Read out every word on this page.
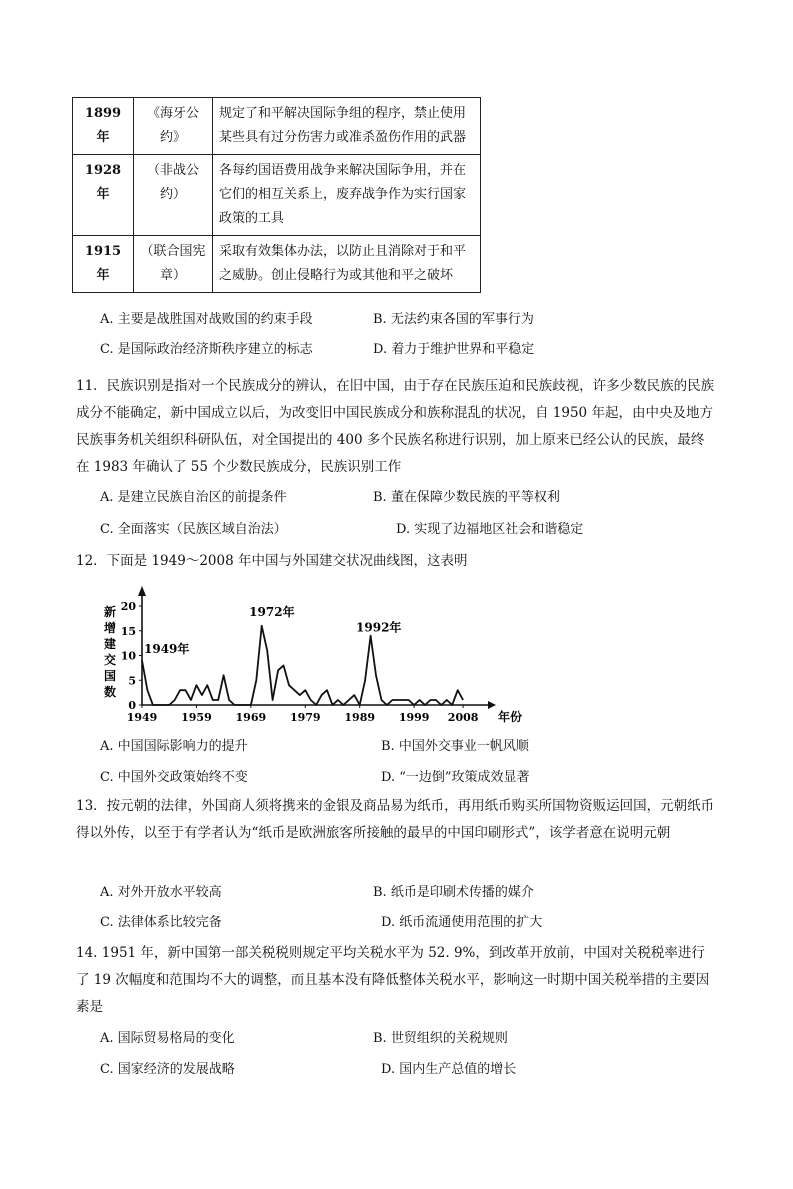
1899年	《海牙公约》	规定了和平解决国际争组的程序，禁止使用某些具有过分伤害力或准杀盈伤作用的武器
1928年	（非战公约）	各每约国语费用战争来解决国际争用，并在它们的相互关系上，废弃战争作为实行国家政策的工具
1915年	（联合国宪章）	采取有效集体办法，以防止且消除对于和平之威胁。创止侵略行为或其他和平之破坏
A. 主要是战胜国对战败国的约束手段	B. 无法约束各国的军事行为
C. 是国际政治经济斯秩序建立的标志	D. 着力于维护世界和平稳定
11．民族识别是指对一个民族成分的辨认，在旧中国，由于存在民族压迫和民族歧视，许多少数民族的民族成分不能确定，新中国成立以后，为改变旧中国民族成分和族称混乱的状况，自 1950 年起，由中央及地方民族事务机关组织科研队伍，对全国提出的 400 多个民族名称进行识别，加上原来已经公认的民族，最终在 1983 年确认了 55 个少数民族成分，民族识别工作
A. 是建立民族自治区的前提条件	B. 董在保障少数民族的平等权利
C. 全面落实（民族区域自治法）	D. 实现了边福地区社会和谐稳定
12．下面是 1949～2008 年中国与外国建交状况曲线图，这表明
0
5
10
15
20
1949 1959 1969 1979 1989 1999 2008 年份
新
增
建
交
国
数
1949年
1972年
1992年
A. 中国国际影响力的提升	B. 中国外交事业一帆风顺
C. 中国外交政策始终不变	D. “一边倒”玫策成效显著
13．按元朝的法律，外国商人须将携来的金银及商品易为纸币，再用纸币购买所国物资贩运回国，元朝纸币得以外传，以至于有学者认为“纸币是欧洲旅客所接触的最早的中国印刷形式”，该学者意在说明元朝
A. 对外开放水平较高	B. 纸币是印刷术传播的媒介
C. 法律体系比较完备	D. 纸币流通使用范围的扩大
14. 1951 年，新中国第一部关税税则规定平均关税水平为 52. 9%，到改革开放前，中国对关税税率进行了 19 次幅度和范围均不大的调整，而且基本没有降低整体关税水平，影响这一时期中国关税举措的主要因素是
A. 国际贸易格局的变化	B. 世贸组织的关税规则
C. 国家经济的发展战略	D. 国内生产总值的增长
